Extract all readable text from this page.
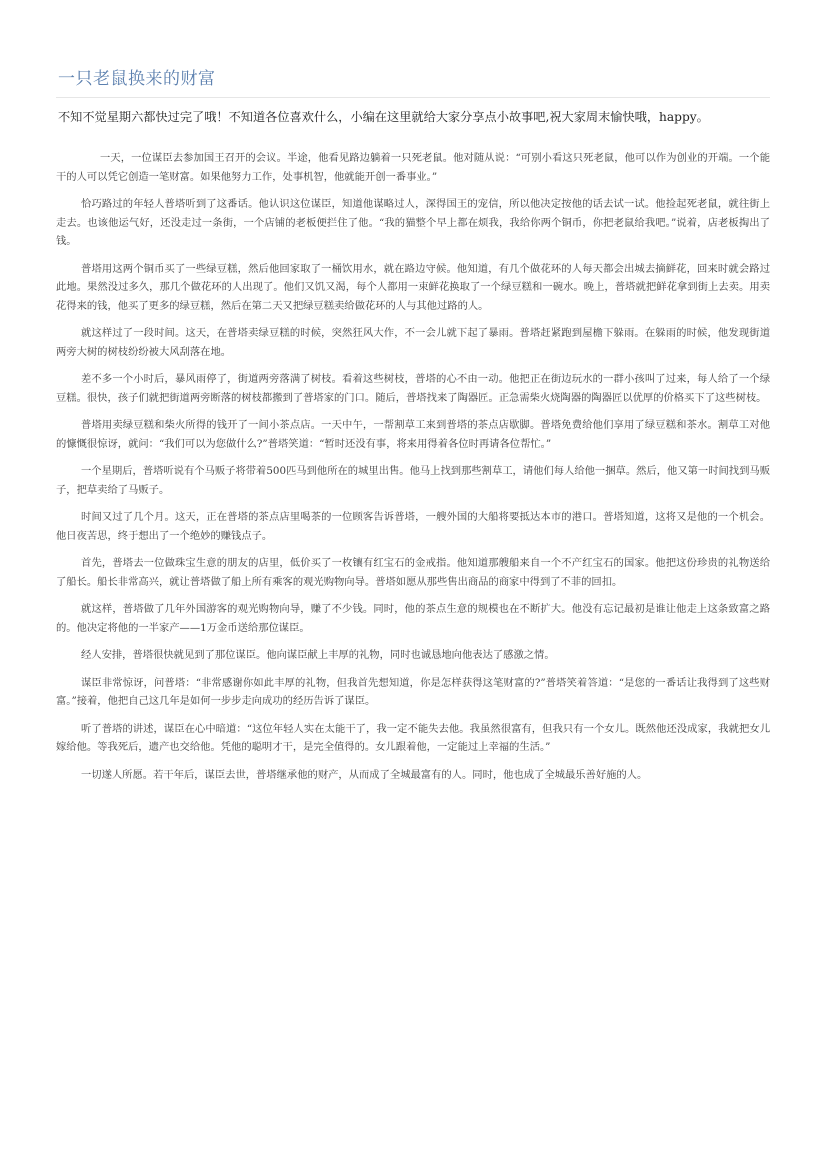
一只老鼠换来的财富

不知不觉星期六都快过完了哦！不知道各位喜欢什么，小编在这里就给大家分享点小故事吧,祝大家周末愉快哦，happy。

一天，一位谋臣去参加国王召开的会议。半途，他看见路边躺着一只死老鼠。他对随从说：“可别小看这只死老鼠，他可以作为创业的开端。一个能干的人可以凭它创造一笔财富。如果他努力工作，处事机智，他就能开创一番事业。”

恰巧路过的年轻人普塔听到了这番话。他认识这位谋臣，知道他谋略过人，深得国王的宠信，所以他决定按他的话去试一试。他捡起死老鼠，就往街上走去。也该他运气好，还没走过一条街，一个店铺的老板便拦住了他。“我的猫整个早上都在烦我，我给你两个铜币，你把老鼠给我吧。”说着，店老板掏出了钱。

普塔用这两个铜币买了一些绿豆糕，然后他回家取了一桶饮用水，就在路边守候。他知道，有几个做花环的人每天都会出城去摘鲜花，回来时就会路过此地。果然没过多久，那几个做花环的人出现了。他们又饥又渴，每个人都用一束鲜花换取了一个绿豆糕和一碗水。晚上，普塔就把鲜花拿到街上去卖。用卖花得来的钱，他买了更多的绿豆糕，然后在第二天又把绿豆糕卖给做花环的人与其他过路的人。

就这样过了一段时间。这天，在普塔卖绿豆糕的时候，突然狂风大作，不一会儿就下起了暴雨。普塔赶紧跑到屋檐下躲雨。在躲雨的时候，他发现街道两旁大树的树枝纷纷被大风刮落在地。

差不多一个小时后，暴风雨停了，街道两旁落满了树枝。看着这些树枝，普塔的心不由一动。他把正在街边玩水的一群小孩叫了过来，每人给了一个绿豆糕。很快，孩子们就把街道两旁断落的树枝都搬到了普塔家的门口。随后，普塔找来了陶器匠。正急需柴火烧陶器的陶器匠以优厚的价格买下了这些树枝。

普塔用卖绿豆糕和柴火所得的钱开了一间小茶点店。一天中午，一帮割草工来到普塔的茶点店歇脚。普塔免费给他们享用了绿豆糕和茶水。割草工对他的慷慨很惊讶，就问：“我们可以为您做什么?”普塔笑道：“暂时还没有事，将来用得着各位时再请各位帮忙。”

一个星期后，普塔听说有个马贩子将带着500匹马到他所在的城里出售。他马上找到那些割草工，请他们每人给他一捆草。然后，他又第一时间找到马贩子，把草卖给了马贩子。

时间又过了几个月。这天，正在普塔的茶点店里喝茶的一位顾客告诉普塔，一艘外国的大船将要抵达本市的港口。普塔知道，这将又是他的一个机会。他日夜苦思，终于想出了一个绝妙的赚钱点子。

首先，普塔去一位做珠宝生意的朋友的店里，低价买了一枚镶有红宝石的金戒指。他知道那艘船来自一个不产红宝石的国家。他把这份珍贵的礼物送给了船长。船长非常高兴，就让普塔做了船上所有乘客的观光购物向导。普塔如愿从那些售出商品的商家中得到了不菲的回扣。

就这样，普塔做了几年外国游客的观光购物向导，赚了不少钱。同时，他的茶点生意的规模也在不断扩大。他没有忘记最初是谁让他走上这条致富之路的。他决定将他的一半家产——1万金币送给那位谋臣。

经人安排，普塔很快就见到了那位谋臣。他向谋臣献上丰厚的礼物，同时也诚恳地向他表达了感激之情。

谋臣非常惊讶，问普塔：“非常感谢你如此丰厚的礼物，但我首先想知道，你是怎样获得这笔财富的?”普塔笑着答道：“是您的一番话让我得到了这些财富。”接着，他把自己这几年是如何一步步走向成功的经历告诉了谋臣。

听了普塔的讲述，谋臣在心中暗道：“这位年轻人实在太能干了，我一定不能失去他。我虽然很富有，但我只有一个女儿。既然他还没成家，我就把女儿嫁给他。等我死后，遗产也交给他。凭他的聪明才干，是完全值得的。女儿跟着他，一定能过上幸福的生活。”

一切遂人所愿。若干年后，谋臣去世，普塔继承他的财产，从而成了全城最富有的人。同时，他也成了全城最乐善好施的人。
